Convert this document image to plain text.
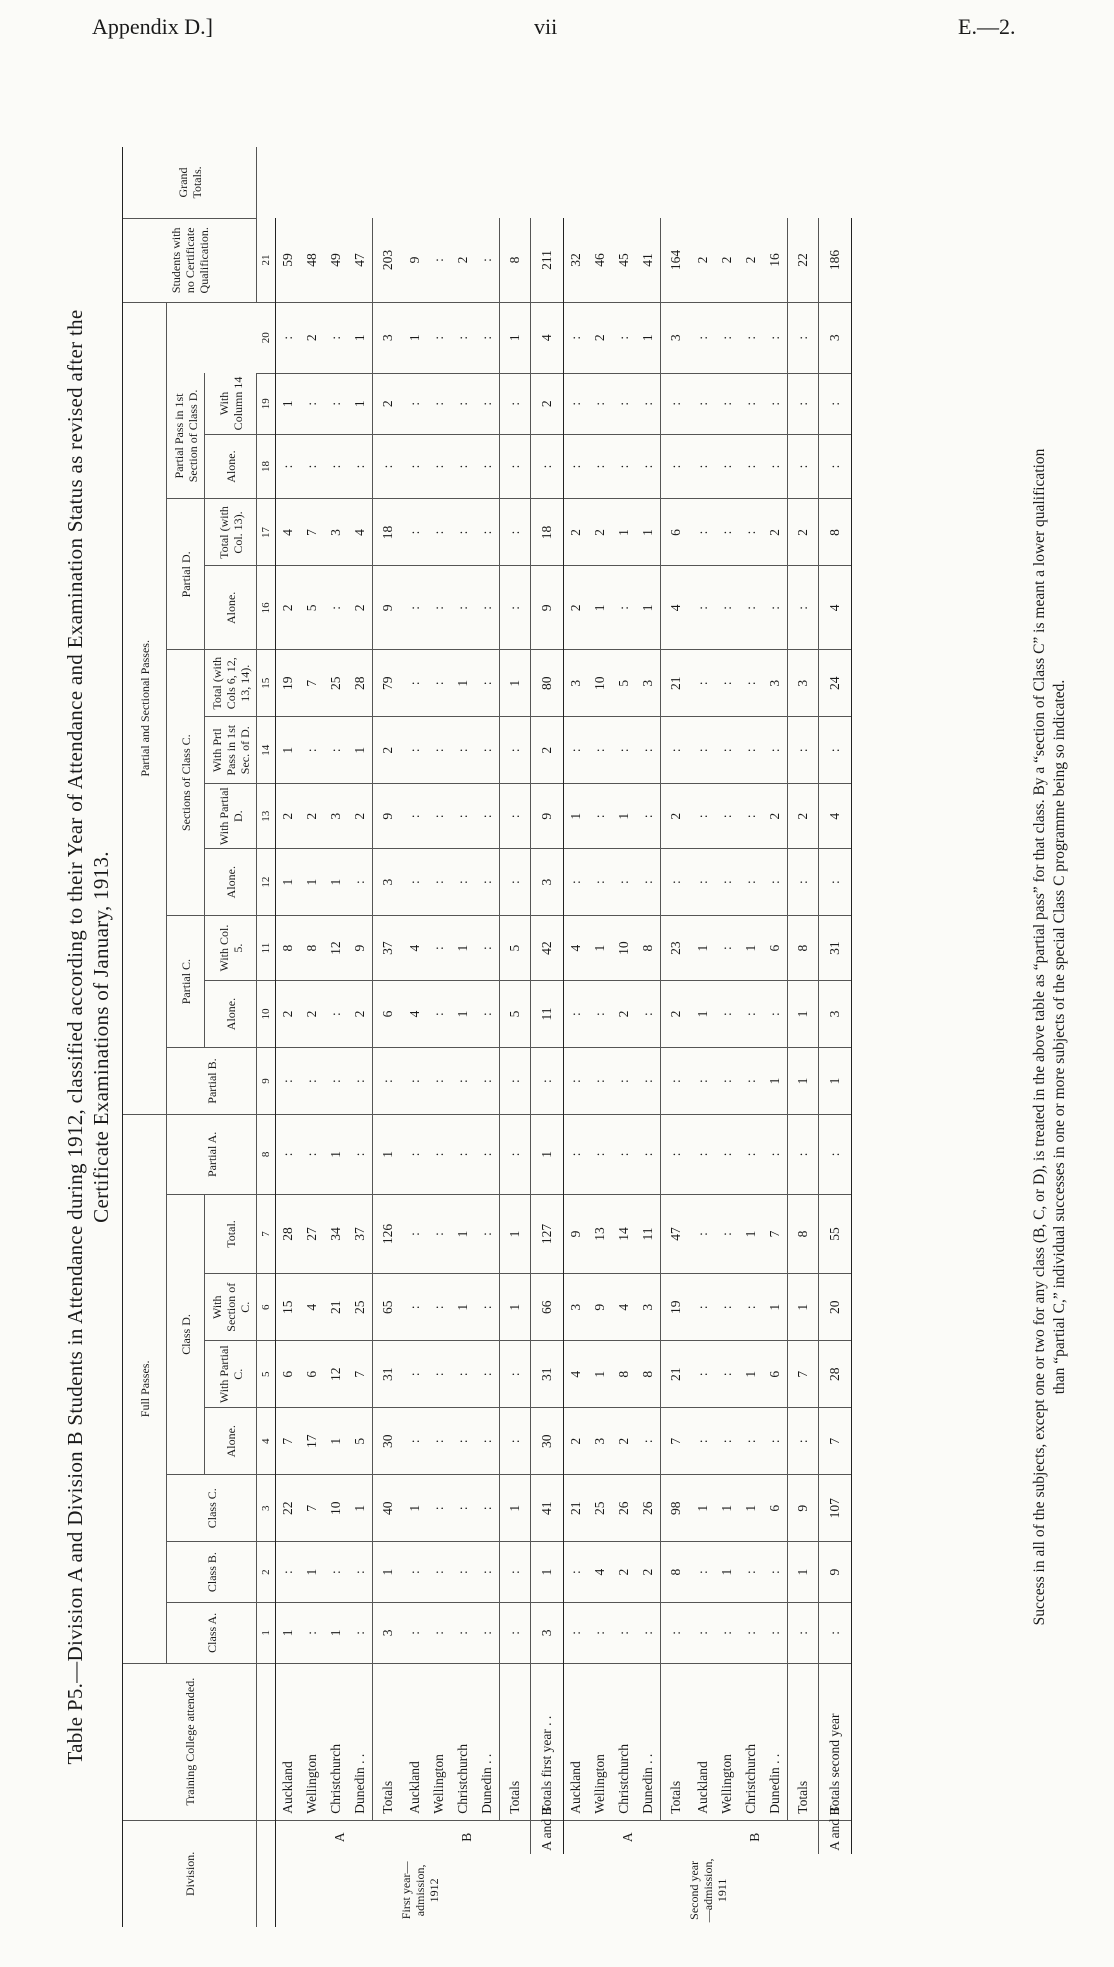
Appendix D.]	vii	E.—2.
Table P5.—Division A and Division B Students in Attendance during 1912, classified according to their Year of Attendance and Examination Status as revised after the Certificate Examinations of January, 1913.
Division.		Training College attended.	Full Passes.								Partial and Sectional Passes.												Students with no Certificate Qualification.	Grand Totals.
			Class A.	Class B.	Class C.	Class D.				Partial A.	Partial B.	Partial C.		Sections of Class C.				Partial D.		Partial Pass in 1st Section of Class D.				
						Alone.	With Partial C.	With Section of C.	Total.			Alone.	With Col. 5.	Alone.	With Partial D.	With Prtl Pass in 1st Sec. of D.	Total (with Cols 6, 12, 13, 14).	Alone.	Total (with Col. 13).	Alone.	With Column 14			

			1	2	3	4	5	6	7	8	9	10	11	12	13	14	15	16	17	18	19	20	21	
First year—admission, 1912	A	Auckland	1	:	22	7	6	15	28	:	:	2	8	1	2	1	19	2	4	:	1	:	59	
		Wellington	:	1	7	17	6	4	27	:	:	2	8	1	2	:	7	5	7	:	:	2	48	
		Christchurch	1	:	10	1	12	21	34	1	:	:	12	1	3	:	25	:	3	:	:	:	49	
		Dunedin . .	:	:	1	5	7	25	37	:	:	2	9	:	2	1	28	2	4	:	1	1	47	
		Totals	3	1	40	30	31	65	126	1	:	6	37	3	9	2	79	9	18	:	2	3	203	
	B	Auckland	:	:	1	:	:	:	:	:	:	4	4	:	:	:	:	:	:	:	:	1	9	
		Wellington	:	:	:	:	:	:	:	:	:	:	:	:	:	:	:	:	:	:	:	:	:	
		Christchurch	:	:	:	:	:	1	1	:	:	1	1	:	:	:	1	:	:	:	:	:	2	
		Dunedin . .	:	:	:	:	:	:	:	:	:	:	:	:	:	:	:	:	:	:	:	:	:	
		Totals	:	:	1	:	:	1	1	:	:	5	5	:	:	:	1	:	:	:	:	1	8	
	A and B	Totals first year . .	3	1	41	30	31	66	127	1	:	11	42	3	9	2	80	9	18	:	2	4	211	
Second year—admission, 1911	A	Auckland	:	:	21	2	4	3	9	:	:	:	4	:	1	:	3	2	2	:	:	:	32	
		Wellington	:	4	25	3	1	9	13	:	:	:	1	:	:	:	10	1	2	:	:	2	46	
		Christchurch	:	2	26	2	8	4	14	:	:	2	10	:	1	:	5	:	1	:	:	:	45	
		Dunedin . .	:	2	26	:	8	3	11	:	:	:	8	:	:	:	3	1	1	:	:	1	41	
		Totals	:	8	98	7	21	19	47	:	:	2	23	:	2	:	21	4	6	:	:	3	164	
	B	Auckland	:	:	1	:	:	:	:	:	:	1	1	:	:	:	:	:	:	:	:	:	2	
		Wellington	:	1	1	:	:	:	:	:	:	:	:	:	:	:	:	:	:	:	:	:	2	
		Christchurch	:	:	1	:	1	:	1	:	:	:	1	:	:	:	:	:	:	:	:	:	2	
		Dunedin . .	:	:	6	:	6	1	7	:	1	:	6	:	2	:	3	:	2	:	:	:	16	
		Totals	:	1	9	:	7	1	8	:	1	1	8	:	2	:	3	:	2	:	:	:	22	
	A and B	Totals second year	:	9	107	7	28	20	55	:	1	3	31	:	4	:	24	4	8	:	:	3	186	
Success in all of the subjects, except one or two for any class (B, C, or D), is treated in the above table as “partial pass” for that class. By a “section of Class C” is meant a lower qualification than “partial C,” individual successes in one or more subjects of the special Class C programme being so indicated.
